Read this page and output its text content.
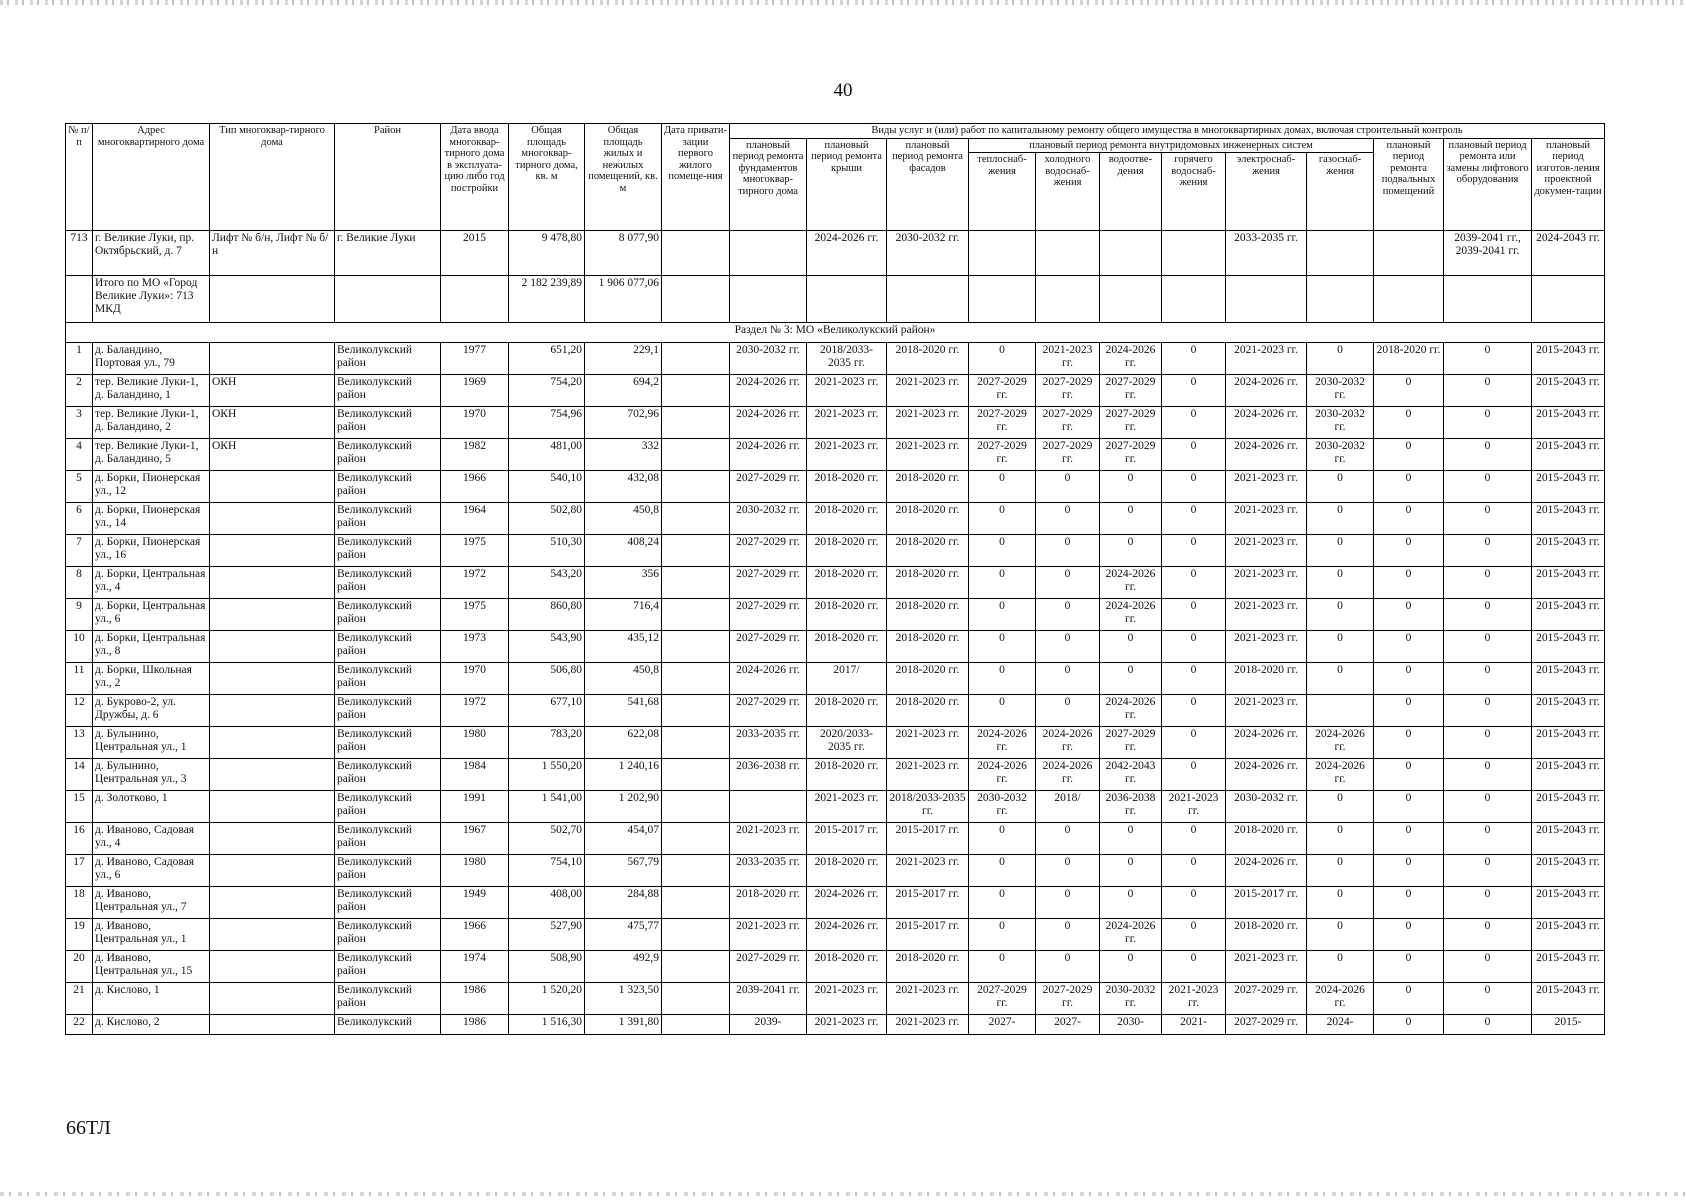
40
№ п/п	Адрес многоквартирного дома	Тип многоквар-тирного дома	Район	Дата ввода многоквар-тирного дома в эксплуата-цию либо год постройки	Общая площадь многоквар-тирного дома, кв. м	Общая площадь жилых и нежилых помещений, кв. м	Дата привати-зации первого жилого помеще-ния	Виды услуг и (или) работ по капитальному ремонту общего имущества в многоквартирных домах, включая строительный контроль											
								плановый период ремонта фундаментов многоквар-тирного дома	плановый период ремонта крыши	плановый период ремонта фасадов	плановый период ремонта внутридомовых инженерных систем						плановый период ремонта подвальных помещений	плановый период ремонта или замены лифтового оборудования	плановый период изготов-ления проектной докумен-тации
											теплоснаб-жения	холодного водоснаб-жения	водоотве-дения	горячего водоснаб-жения	электроснаб-жения	газоснаб-жения			
713	г. Великие Луки, пр. Октябрьский, д. 7	Лифт № б/н, Лифт № б/н	г. Великие Луки	2015	9 478,80	8 077,90			2024-2026 гг.	2030-2032 гг.					2033-2035 гг.			2039-2041 гг., 2039-2041 гг.	2024-2043 гг.
	Итого по МО «Город Великие Луки»: 713 МКД				2 182 239,89	1 906 077,06													
Раздел № 3: МО «Великолукский район»																			
1	д. Баландино, Портовая ул., 79		Великолукский район	1977	651,20	229,1		2030-2032 гг.	2018/2033-2035 гг.	2018-2020 гг.	0	2021-2023 гг.	2024-2026 гг.	0	2021-2023 гг.	0	2018-2020 гг.	0	2015-2043 гг.
2	тер. Великие Луки-1, д. Баландино, 1	ОКН	Великолукский район	1969	754,20	694,2		2024-2026 гг.	2021-2023 гг.	2021-2023 гг.	2027-2029 гг.	2027-2029 гг.	2027-2029 гг.	0	2024-2026 гг.	2030-2032 гг.	0	0	2015-2043 гг.
3	тер. Великие Луки-1, д. Баландино, 2	ОКН	Великолукский район	1970	754,96	702,96		2024-2026 гг.	2021-2023 гг.	2021-2023 гг.	2027-2029 гг.	2027-2029 гг.	2027-2029 гг.	0	2024-2026 гг.	2030-2032 гг.	0	0	2015-2043 гг.
4	тер. Великие Луки-1, д. Баландино, 5	ОКН	Великолукский район	1982	481,00	332		2024-2026 гг.	2021-2023 гг.	2021-2023 гг.	2027-2029 гг.	2027-2029 гг.	2027-2029 гг.	0	2024-2026 гг.	2030-2032 гг.	0	0	2015-2043 гг.
5	д. Борки, Пионерская ул., 12		Великолукский район	1966	540,10	432,08		2027-2029 гг.	2018-2020 гг.	2018-2020 гг.	0	0	0	0	2021-2023 гг.	0	0	0	2015-2043 гг.
6	д. Борки, Пионерская ул., 14		Великолукский район	1964	502,80	450,8		2030-2032 гг.	2018-2020 гг.	2018-2020 гг.	0	0	0	0	2021-2023 гг.	0	0	0	2015-2043 гг.
7	д. Борки, Пионерская ул., 16		Великолукский район	1975	510,30	408,24		2027-2029 гг.	2018-2020 гг.	2018-2020 гг.	0	0	0	0	2021-2023 гг.	0	0	0	2015-2043 гг.
8	д. Борки, Центральная ул., 4		Великолукский район	1972	543,20	356		2027-2029 гг.	2018-2020 гг.	2018-2020 гг.	0	0	2024-2026 гг.	0	2021-2023 гг.	0	0	0	2015-2043 гг.
9	д. Борки, Центральная ул., 6		Великолукский район	1975	860,80	716,4		2027-2029 гг.	2018-2020 гг.	2018-2020 гг.	0	0	2024-2026 гг.	0	2021-2023 гг.	0	0	0	2015-2043 гг.
10	д. Борки, Центральная ул., 8		Великолукский район	1973	543,90	435,12		2027-2029 гг.	2018-2020 гг.	2018-2020 гг.	0	0	0	0	2021-2023 гг.	0	0	0	2015-2043 гг.
11	д. Борки, Школьная ул., 2		Великолукский район	1970	506,80	450,8		2024-2026 гг.	2017/	2018-2020 гг.	0	0	0	0	2018-2020 гг.	0	0	0	2015-2043 гг.
12	д. Букрово-2, ул. Дружбы, д. 6		Великолукский район	1972	677,10	541,68		2027-2029 гг.	2018-2020 гг.	2018-2020 гг.	0	0	2024-2026 гг.	0	2021-2023 гг.		0	0	2015-2043 гг.
13	д. Булынино, Центральная ул., 1		Великолукский район	1980	783,20	622,08		2033-2035 гг.	2020/2033-2035 гг.	2021-2023 гг.	2024-2026 гг.	2024-2026 гг.	2027-2029 гг.	0	2024-2026 гг.	2024-2026 гг.	0	0	2015-2043 гг.
14	д. Булынино, Центральная ул., 3		Великолукский район	1984	1 550,20	1 240,16		2036-2038 гг.	2018-2020 гг.	2021-2023 гг.	2024-2026 гг.	2024-2026 гг.	2042-2043 гг.	0	2024-2026 гг.	2024-2026 гг.	0	0	2015-2043 гг.
15	д. Золотково, 1		Великолукский район	1991	1 541,00	1 202,90			2021-2023 гг.	2018/2033-2035 гг.	2030-2032 гг.	2018/	2036-2038 гг.	2021-2023 гг.	2030-2032 гг.	0	0	0	2015-2043 гг.
16	д. Иваново, Садовая ул., 4		Великолукский район	1967	502,70	454,07		2021-2023 гг.	2015-2017 гг.	2015-2017 гг.	0	0	0	0	2018-2020 гг.	0	0	0	2015-2043 гг.
17	д. Иваново, Садовая ул., 6		Великолукский район	1980	754,10	567,79		2033-2035 гг.	2018-2020 гг.	2021-2023 гг.	0	0	0	0	2024-2026 гг.	0	0	0	2015-2043 гг.
18	д. Иваново, Центральная ул., 7		Великолукский район	1949	408,00	284,88		2018-2020 гг.	2024-2026 гг.	2015-2017 гг.	0	0	0	0	2015-2017 гг.	0	0	0	2015-2043 гг.
19	д. Иваново, Центральная ул., 1		Великолукский район	1966	527,90	475,77		2021-2023 гг.	2024-2026 гг.	2015-2017 гг.	0	0	2024-2026 гг.	0	2018-2020 гг.	0	0	0	2015-2043 гг.
20	д. Иваново, Центральная ул., 15		Великолукский район	1974	508,90	492,9		2027-2029 гг.	2018-2020 гг.	2018-2020 гг.	0	0	0	0	2021-2023 гг.	0	0	0	2015-2043 гг.
21	д. Кислово, 1		Великолукский район	1986	1 520,20	1 323,50		2039-2041 гг.	2021-2023 гг.	2021-2023 гг.	2027-2029 гг.	2027-2029 гг.	2030-2032 гг.	2021-2023 гг.	2027-2029 гг.	2024-2026 гг.	0	0	2015-2043 гг.
22	д. Кислово, 2		Великолукский	1986	1 516,30	1 391,80		2039-	2021-2023 гг.	2021-2023 гг.	2027-	2027-	2030-	2021-	2027-2029 гг.	2024-	0	0	2015-
66ТЛ
